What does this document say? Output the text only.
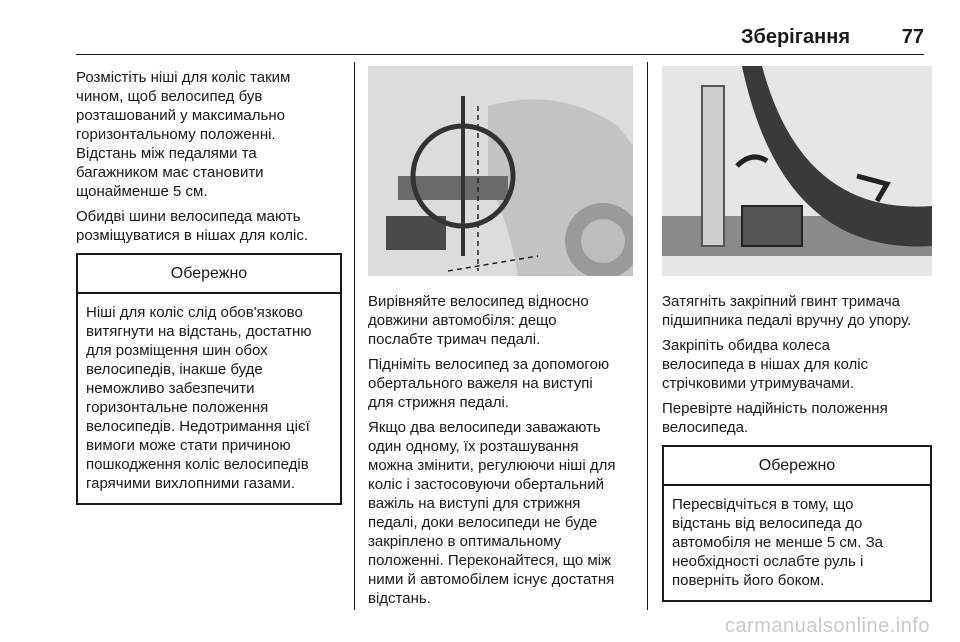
Зберігання	77

Розмістіть ніші для коліс таким
чином, щоб велосипед був
розташований у максимально
горизонтальному положенні.
Відстань між педалями та
багажником має становити
щонайменше 5 см.

Обидві шини велосипеда мають
розміщуватися в нішах для коліс.

Обережно
Ніші для коліс слід обов'язково
витягнути на відстань, достатню
для розміщення шин обох
велосипедів, інакше буде
неможливо забезпечити
горизонтальне положення
велосипедів. Недотримання цієї
вимоги може стати причиною
пошкодження коліс велосипедів
гарячими вихлопними газами.

Вирівняйте велосипед відносно
довжини автомобіля: дещо
послабте тримач педалі.

Підніміть велосипед за допомогою
обертального важеля на виступі
для стрижня педалі.

Якщо два велосипеди заважають
один одному, їх розташування
можна змінити, регулюючи ніші для
коліс і застосовуючи обертальний
важіль на виступі для стрижня
педалі, доки велосипеди не буде
закріплено в оптимальному
положенні. Переконайтеся, що між
ними й автомобілем існує достатня
відстань.

Затягніть закріпний гвинт тримача
підшипника педалі вручну до упору.

Закріпіть обидва колеса
велосипеда в нішах для коліс
стрічковими утримувачами.

Перевірте надійність положення
велосипеда.

Обережно
Пересвідчіться в тому, що
відстань від велосипеда до
автомобіля не менше 5 см. За
необхідності ослабте руль і
поверніть його боком.
carmanualsonline.info
